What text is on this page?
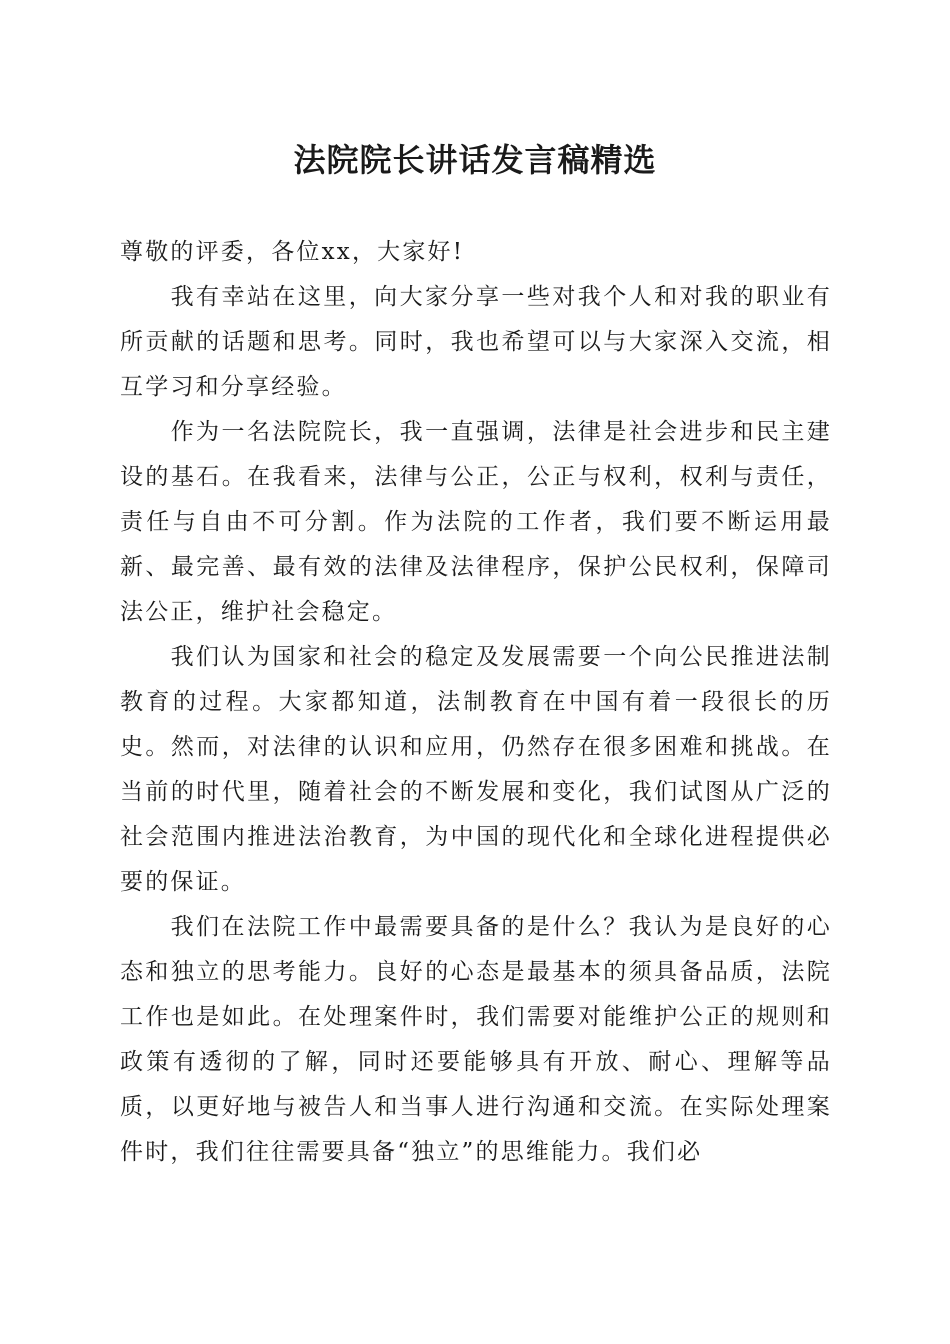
法院院长讲话发言稿精选

尊敬的评委，各位xx，大家好!

我有幸站在这里，向大家分享一些对我个人和对我的职业有所贡献的话题和思考。同时，我也希望可以与大家深入交流，相互学习和分享经验。

作为一名法院院长，我一直强调，法律是社会进步和民主建设的基石。在我看来，法律与公正，公正与权利，权利与责任，责任与自由不可分割。作为法院的工作者，我们要不断运用最新、最完善、最有效的法律及法律程序，保护公民权利，保障司法公正，维护社会稳定。

我们认为国家和社会的稳定及发展需要一个向公民推进法制教育的过程。大家都知道，法制教育在中国有着一段很长的历史。然而，对法律的认识和应用，仍然存在很多困难和挑战。在当前的时代里，随着社会的不断发展和变化，我们试图从广泛的社会范围内推进法治教育，为中国的现代化和全球化进程提供必要的保证。

我们在法院工作中最需要具备的是什么？我认为是良好的心态和独立的思考能力。良好的心态是最基本的须具备品质，法院工作也是如此。在处理案件时，我们需要对能维护公正的规则和政策有透彻的了解，同时还要能够具有开放、耐心、理解等品质，以更好地与被告人和当事人进行沟通和交流。在实际处理案件时，我们往往需要具备“独立”的思维能力。我们必
